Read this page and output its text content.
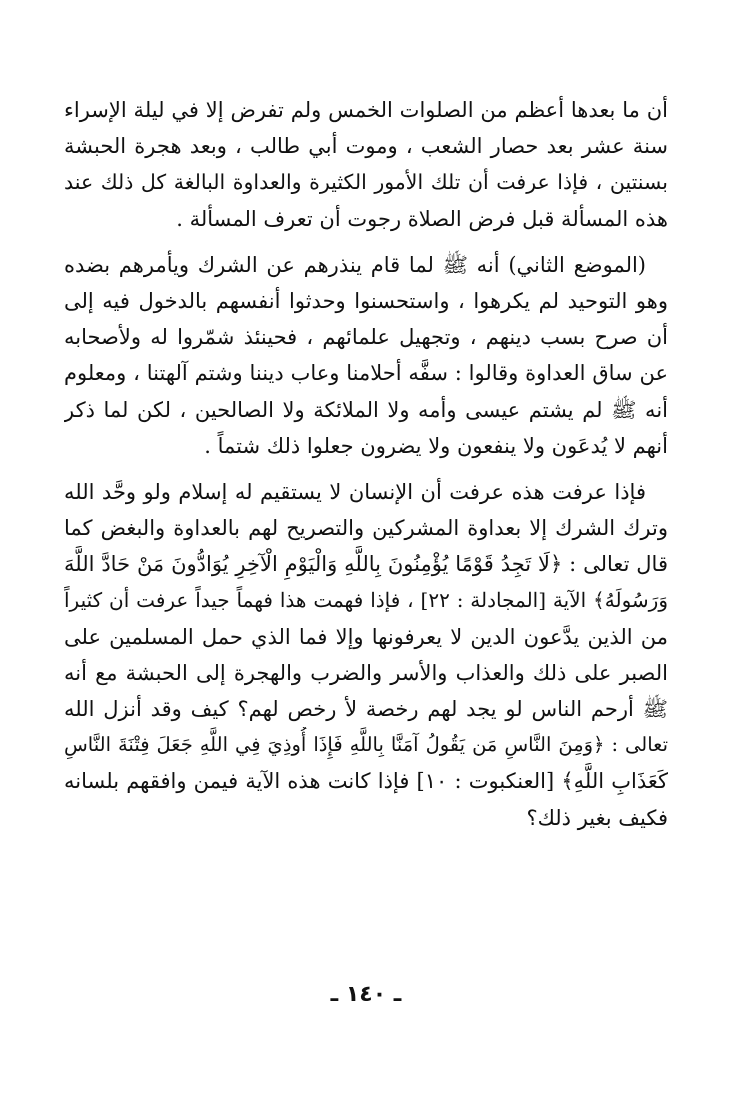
أن ما بعدها أعظم من الصلوات الخمس ولم تفرض إلا في ليلة الإسراء
سنة عشر بعد حصار الشعب ، وموت أبي طالب ، وبعد هجرة الحبشة
بسنتين ، فإذا عرفت أن تلك الأمور الكثيرة والعداوة البالغة كل ذلك عند
هذه المسألة قبل فرض الصلاة رجوت أن تعرف المسألة .
(الموضع الثاني) أنه ﷺ لما قام ينذرهم عن الشرك ويأمرهم بضده
وهو التوحيد لم يكرهوا ، واستحسنوا وحدثوا أنفسهم بالدخول فيه إلى
أن صرح بسب دينهم ، وتجهيل علمائهم ، فحينئذ شمّروا له ولأصحابه
عن ساق العداوة وقالوا : سفَّه أحلامنا وعاب ديننا وشتم آلهتنا ، ومعلوم
أنه ﷺ لم يشتم عيسى وأمه ولا الملائكة ولا الصالحين ، لكن لما ذكر
أنهم لا يُدعَون ولا ينفعون ولا يضرون جعلوا ذلك شتماً .
فإذا عرفت هذه عرفت أن الإنسان لا يستقيم له إسلام ولو وحَّد الله
وترك الشرك إلا بعداوة المشركين والتصريح لهم بالعداوة والبغض كما
قال تعالى : ﴿لَا تَجِدُ قَوْمًا يُؤْمِنُونَ بِاللَّهِ وَالْيَوْمِ الْآخِرِ يُوَادُّونَ مَنْ حَادَّ اللَّهَ
وَرَسُولَهُ﴾ الآية [المجادلة : ٢٢] ، فإذا فهمت هذا فهماً جيداً عرفت أن كثيراً
من الذين يدَّعون الدين لا يعرفونها وإلا فما الذي حمل المسلمين على
الصبر على ذلك والعذاب والأسر والضرب والهجرة إلى الحبشة مع أنه
ﷺ أرحم الناس لو يجد لهم رخصة لأ رخص لهم؟ كيف وقد أنزل الله
تعالى : ﴿وَمِنَ النَّاسِ مَن يَقُولُ آمَنَّا بِاللَّهِ فَإِذَا أُوذِيَ فِي اللَّهِ جَعَلَ فِتْنَةَ النَّاسِ
كَعَذَابِ اللَّهِ﴾ [العنكبوت : ١٠] فإذا كانت هذه الآية فيمن وافقهم بلسانه
فكيف بغير ذلك؟
ـ ١٤٠ ـ
